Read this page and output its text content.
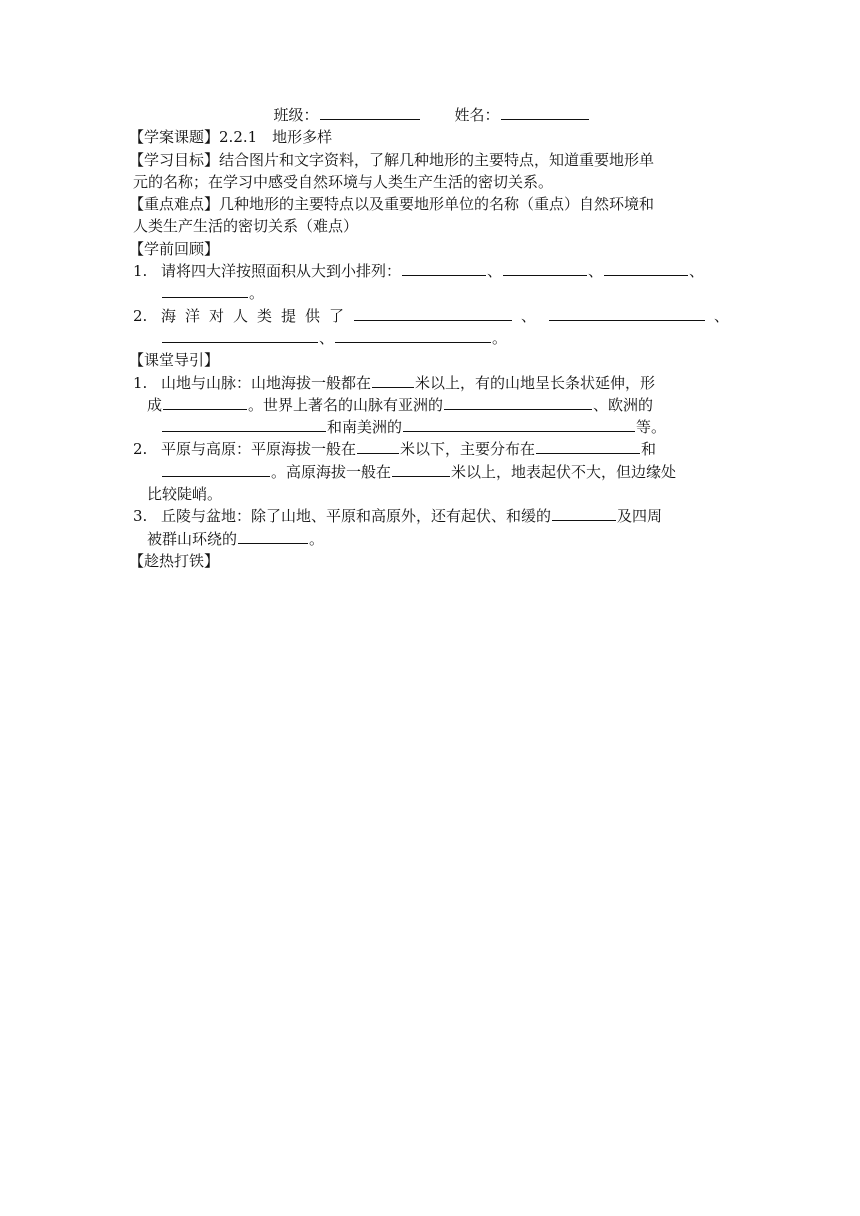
班级：	姓名：
【学案课题】2.2.1　地形多样
【学习目标】结合图片和文字资料，了解几种地形的主要特点，知道重要地形单
元的名称；在学习中感受自然环境与人类生产生活的密切关系。
【重点难点】几种地形的主要特点以及重要地形单位的名称（重点）自然环境和
人类生产生活的密切关系（难点）
【学前回顾】
1. 请将四大洋按照面积从大到小排列：	、	、	、
。
2. 海洋对人类提供了	、	、
、	。
【课堂导引】
1. 山地与山脉：山地海拔一般都在	米以上，有的山地呈长条状延伸，形
成	。世界上著名的山脉有亚洲的	、欧洲的
和南美洲的	等。
2. 平原与高原：平原海拔一般在	米以下，主要分布在	和
。高原海拔一般在	米以上，地表起伏不大，但边缘处
比较陡峭。
3. 丘陵与盆地：除了山地、平原和高原外，还有起伏、和缓的	及四周
被群山环绕的	。
【趁热打铁】
